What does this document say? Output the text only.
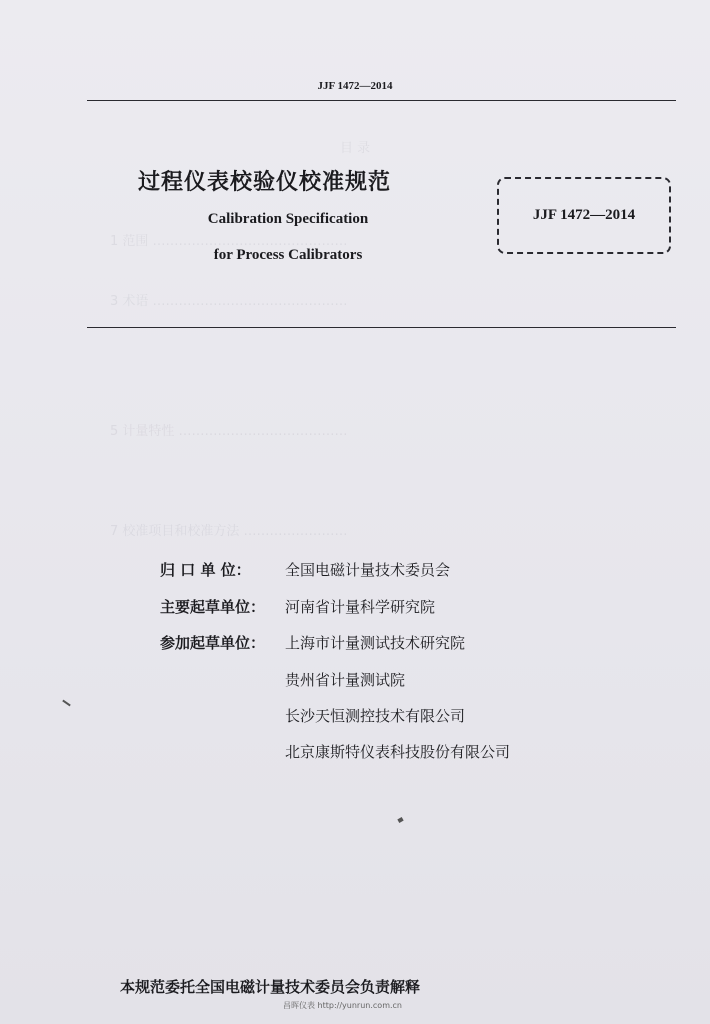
目 录
1 范围 ………………………………………
3 术语 ………………………………………
5 计量特性 …………………………………
7 校准项目和校准方法 ……………………
JJF 1472—2014
过程仪表校验仪校准规范
Calibration Specification
for Process Calibrators
JJF 1472—2014
归 口 单 位： 全国电磁计量技术委员会
主要起草单位： 河南省计量科学研究院
参加起草单位： 上海市计量测试技术研究院
贵州省计量测试院
长沙天恒测控技术有限公司
北京康斯特仪表科技股份有限公司
本规范委托全国电磁计量技术委员会负责解释
昌晖仪表 http://yunrun.com.cn
